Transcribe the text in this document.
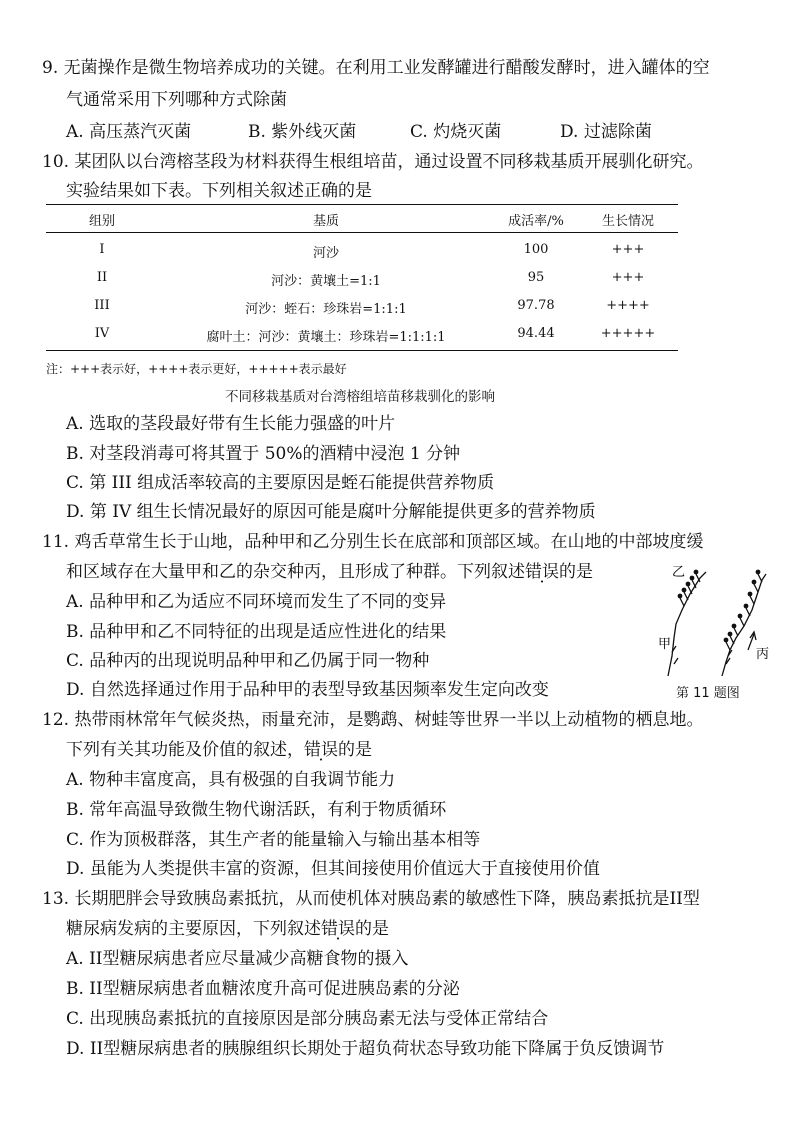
9. 无菌操作是微生物培养成功的关键。在利用工业发酵罐进行醋酸发酵时，进入罐体的空
气通常采用下列哪种方式除菌
A. 高压蒸汽灭菌	B. 紫外线灭菌	C. 灼烧灭菌	D. 过滤除菌
10. 某团队以台湾榕茎段为材料获得生根组培苗，通过设置不同移栽基质开展驯化研究。
实验结果如下表。下列相关叙述正确的是
组别	基质	成活率/%	生长情况
I	河沙	100	+++
II	河沙：黄壤土=1:1	95	+++
III	河沙：蛭石：珍珠岩=1:1:1	97.78	++++
IV	腐叶土：河沙：黄壤土：珍珠岩=1:1:1:1	94.44	+++++
注：+++表示好，++++表示更好，+++++表示最好
不同移栽基质对台湾榕组培苗移栽驯化的影响
A. 选取的茎段最好带有生长能力强盛的叶片
B. 对茎段消毒可将其置于 50%的酒精中浸泡 1 分钟
C. 第 III 组成活率较高的主要原因是蛭石能提供营养物质
D. 第 IV 组生长情况最好的原因可能是腐叶分解能提供更多的营养物质
11. 鸡舌草常生长于山地，品种甲和乙分别生长在底部和顶部区域。在山地的中部坡度缓
和区域存在大量甲和乙的杂交种丙，且形成了种群。下列叙述错误的是
A. 品种甲和乙为适应不同环境而发生了不同的变异
B. 品种甲和乙不同特征的出现是适应性进化的结果
C. 品种丙的出现说明品种甲和乙仍属于同一物种
D. 自然选择通过作用于品种甲的表型导致基因频率发生定向改变
乙
甲
丙
第 11 题图
12. 热带雨林常年气候炎热，雨量充沛，是鹦鹉、树蛙等世界一半以上动植物的栖息地。
下列有关其功能及价值的叙述，错误的是
A. 物种丰富度高，具有极强的自我调节能力
B. 常年高温导致微生物代谢活跃，有利于物质循环
C. 作为顶极群落，其生产者的能量输入与输出基本相等
D. 虽能为人类提供丰富的资源，但其间接使用价值远大于直接使用价值
13. 长期肥胖会导致胰岛素抵抗，从而使机体对胰岛素的敏感性下降，胰岛素抵抗是II型
糖尿病发病的主要原因，下列叙述错误的是
A. II型糖尿病患者应尽量减少高糖食物的摄入
B. II型糖尿病患者血糖浓度升高可促进胰岛素的分泌
C. 出现胰岛素抵抗的直接原因是部分胰岛素无法与受体正常结合
D. II型糖尿病患者的胰腺组织长期处于超负荷状态导致功能下降属于负反馈调节
